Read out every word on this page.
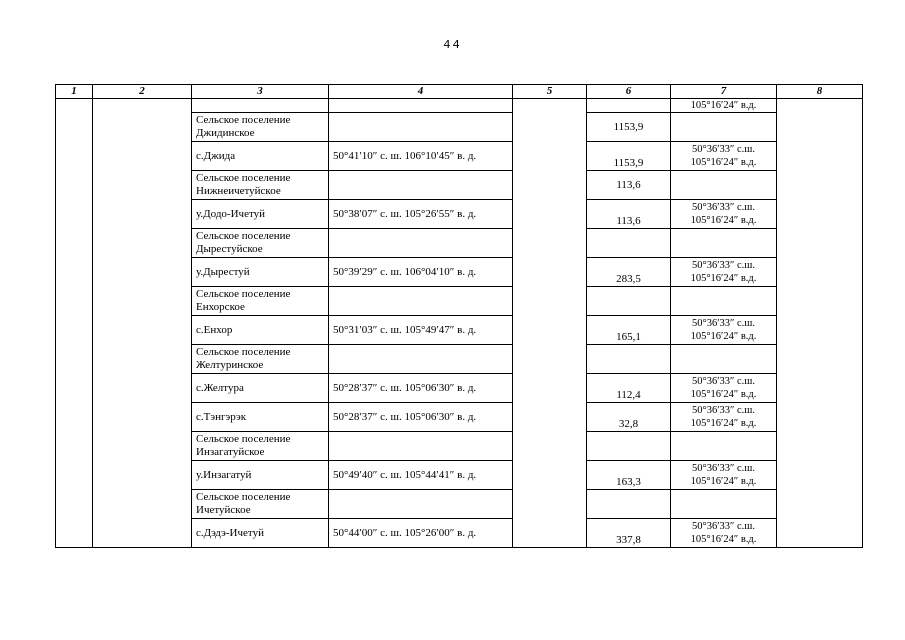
44
1	2	3	4	5	6	7	8
						105°16′24″ в.д.	
		Сельское поселение Джидинское			1153,9		
		с.Джида	50°41′10″ с. ш. 106°10′45″ в. д.		1153,9	50°36′33″ с.ш. 105°16′24″ в.д.	
		Сельское поселение Нижнеичетуйское			113,6		
		у.Додо-Ичетуй	50°38′07″ с. ш. 105°26′55″ в. д.		113,6	50°36′33″ с.ш. 105°16′24″ в.д.	
		Сельское поселение Дырестуйское					
		у.Дырестуй	50°39′29″ с. ш. 106°04′10″ в. д.		283,5	50°36′33″ с.ш. 105°16′24″ в.д.	
		Сельское поселение Енхорское					
		с.Енхор	50°31′03″ с. ш. 105°49′47″ в. д.		165,1	50°36′33″ с.ш. 105°16′24″ в.д.	
		Сельское поселение Желтуринское					
		с.Желтура	50°28′37″ с. ш. 105°06′30″ в. д.		112,4	50°36′33″ с.ш. 105°16′24″ в.д.	
		с.Тэнгэрэк	50°28′37″ с. ш. 105°06′30″ в. д.		32,8	50°36′33″ с.ш. 105°16′24″ в.д.	
		Сельское поселение Инзагатуйское					
		у.Инзагатуй	50°49′40″ с. ш. 105°44′41″ в. д.		163,3	50°36′33″ с.ш. 105°16′24″ в.д.	
		Сельское поселение Ичетуйское					
		с.Дэдэ-Ичетуй	50°44′00″ с. ш. 105°26′00″ в. д.		337,8	50°36′33″ с.ш. 105°16′24″ в.д.	
